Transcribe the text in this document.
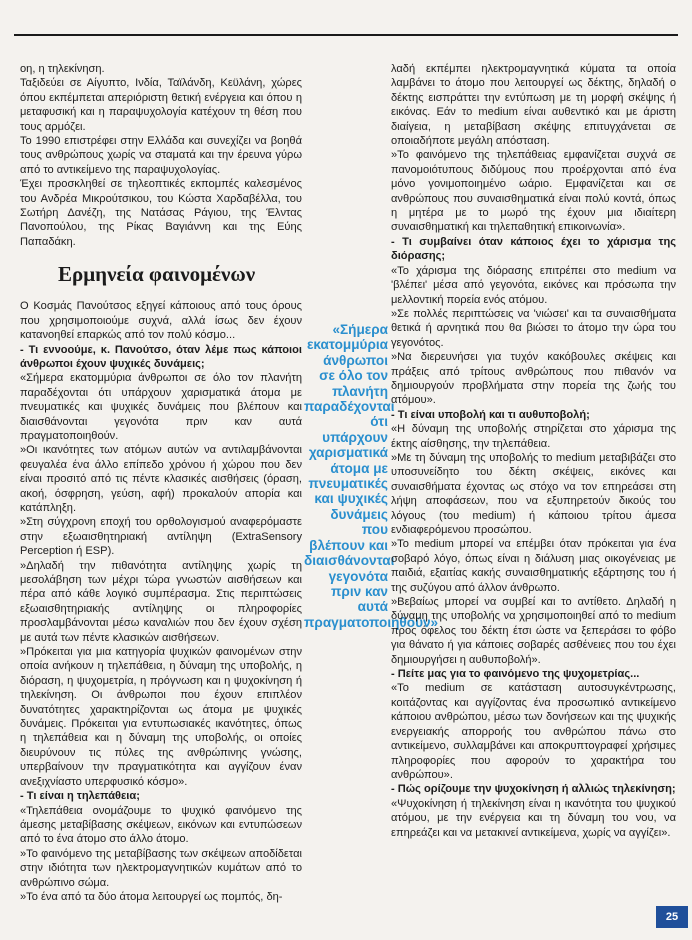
οη, η τηλεκίνηση.

Ταξιδεύει σε Αίγυπτο, Ινδία, Ταϊλάνδη, Κεϋλάνη, χώρες όπου εκπέμπεται απεριόριστη θετική ενέργεια και όπου η μεταφυσική και η παραψυχολογία κατέχουν τη θέση που τους αρμόζει.

Το 1990 επιστρέφει στην Ελλάδα και συνεχίζει να βοηθά τους ανθρώπους χωρίς να σταματά και την έρευνα γύρω από το αντικείμενο της παραψυχολογίας.

Έχει προσκληθεί σε τηλεοπτικές εκπομπές καλεσμένος του Ανδρέα Μικρούτσικου, του Κώστα Χαρδαβέλλα, του Σωτήρη Δανέζη, της Νατάσας Ράγιου, της Έλντας Πανοπούλου, της Ρίκας Βαγιάννη και της Εύης Παπαδάκη.

Ερμηνεία φαινομένων

Ο Κοσμάς Πανούτσος εξηγεί κάποιους από τους όρους που χρησιμοποιούμε συχνά, αλλά ίσως δεν έχουν κατανοηθεί επαρκώς από τον πολύ κόσμο...

- Τι εννοούμε, κ. Πανούτσο, όταν λέμε πως κάποιοι άνθρωποι έχουν ψυχικές δυνάμεις;

«Σήμερα εκατομμύρια άνθρωποι σε όλο τον πλανήτη παραδέχονται ότι υπάρχουν χαρισματικά άτομα με πνευματικές και ψυχικές δυνάμεις που βλέπουν και διαισθάνονται γεγονότα πριν καν αυτά πραγματοποιηθούν.

»Οι ικανότητες των ατόμων αυτών να αντιλαμβάνονται φευγαλέα ένα άλλο επίπεδο χρόνου ή χώρου που δεν είναι προσιτό από τις πέντε κλασικές αισθήσεις (όραση, ακοή, όσφρηση, γεύση, αφή) προκαλούν απορία και κατάπληξη.

»Στη σύγχρονη εποχή του ορθολογισμού αναφερόμαστε στην εξωαισθητηριακή αντίληψη (ExtraSensory Perception ή ESP).

»Δηλαδή την πιθανότητα αντίληψης χωρίς τη μεσολάβηση των μέχρι τώρα γνωστών αισθήσεων και πέρα από κάθε λογικό συμπέρασμα. Στις περιπτώσεις εξωαισθητηριακής αντίληψης οι πληροφορίες προσλαμβάνονται μέσω καναλιών που δεν έχουν σχέση με αυτά των πέντε κλασικών αισθήσεων.

»Πρόκειται για μια κατηγορία ψυχικών φαινομένων στην οποία ανήκουν η τηλεπάθεια, η δύναμη της υποβολής, η διόραση, η ψυχομετρία, η πρόγνωση και η ψυχοκίνηση ή τηλεκίνηση. Οι άνθρωποι που έχουν επιπλέον δυνατότητες χαρακτηρίζονται ως άτομα με ψυχικές δυνάμεις. Πρόκειται για εντυπωσιακές ικανότητες, όπως η τηλεπάθεια και η δύναμη της υποβολής, οι οποίες διευρύνουν τις πύλες της ανθρώπινης γνώσης, υπερβαίνουν την πραγματικότητα και αγγίζουν έναν ανεξιχνίαστο υπερφυσικό κόσμο».

- Τι είναι η τηλεπάθεια;

«Τηλεπάθεια ονομάζουμε το ψυχικό φαινόμενο της άμεσης μεταβίβασης σκέψεων, εικόνων και εντυπώσεων από το ένα άτομο στο άλλο άτομο.

»Το φαινόμενο της μεταβίβασης των σκέψεων αποδίδεται στην ιδιότητα των ηλεκτρομαγνητικών κυμάτων από το ανθρώπινο σώμα.

»Το ένα από τα δύο άτομα λειτουργεί ως πομπός, δη-

«Σήμερα εκατομμύρια άνθρωποι σε όλο τον πλανήτη παραδέχονται ότι υπάρχουν χαρισματικά άτομα με πνευματικές και ψυχικές δυνάμεις που βλέπουν και διαισθάνονται γεγονότα πριν καν αυτά πραγματοποιηθούν»

λαδή εκπέμπει ηλεκτρομαγνητικά κύματα τα οποία λαμβάνει το άτομο που λειτουργεί ως δέκτης, δηλαδή ο δέκτης εισπράττει την εντύπωση με τη μορφή σκέψης ή εικόνας. Εάν το medium είναι αυθεντικό και με άριστη διαίγεια, η μεταβίβαση σκέψης επιτυγχάνεται σε οποιαδήποτε μεγάλη απόσταση.

»Το φαινόμενο της τηλεπάθειας εμφανίζεται συχνά σε πανομοιότυπους διδύμους που προέρχονται από ένα μόνο γονιμοποιημένο ωάριο. Εμφανίζεται και σε ανθρώπους που συναισθηματικά είναι πολύ κοντά, όπως η μητέρα με το μωρό της έχουν μια ιδιαίτερη συναισθηματική και τηλεπαθητική επικοινωνία».

- Τι συμβαίνει όταν κάποιος έχει το χάρισμα της διόρασης;

«Το χάρισμα της διόρασης επιτρέπει στο medium να 'βλέπει' μέσα από γεγονότα, εικόνες και πρόσωπα την μελλοντική πορεία ενός ατόμου.

»Σε πολλές περιπτώσεις να 'νιώσει' και τα συναισθήματα θετικά ή αρνητικά που θα βιώσει το άτομο την ώρα του γεγονότος.

»Να διερευνήσει για τυχόν κακόβουλες σκέψεις και πράξεις από τρίτους ανθρώπους που πιθανόν να δημιουργούν προβλήματα στην πορεία της ζωής του ατόμου».

- Τι είναι υποβολή και τι αυθυποβολή;

«Η δύναμη της υποβολής στηρίζεται στο χάρισμα της έκτης αίσθησης, την τηλεπάθεια.

»Με τη δύναμη της υποβολής το medium μεταβιβάζει στο υποσυνείδητο του δέκτη σκέψεις, εικόνες και συναισθήματα έχοντας ως στόχο να τον επηρεάσει στη λήψη αποφάσεων, που να εξυπηρετούν δικούς του λόγους (του medium) ή κάποιου τρίτου άμεσα ενδιαφερόμενου προσώπου.

»Το medium μπορεί να επέμβει όταν πρόκειται για ένα σοβαρό λόγο, όπως είναι η διάλυση μιας οικογένειας με παιδιά, εξαιτίας κακής συναισθηματικής εξάρτησης του ή της συζύγου από άλλον άνθρωπο.

»Βεβαίως μπορεί να συμβεί και το αντίθετο. Δηλαδή η δύναμη της υποβολής να χρησιμοποιηθεί από το medium προς όφελος του δέκτη έτσι ώστε να ξεπεράσει το φόβο για θάνατο ή για κάποιες σοβαρές ασθένειες που του έχει δημιουργήσει η αυθυποβολή».

- Πείτε μας για το φαινόμενο της ψυχομετρίας...

«Το medium σε κατάσταση αυτοσυγκέντρωσης, κοιτάζοντας και αγγίζοντας ένα προσωπικό αντικείμενο κάποιου ανθρώπου, μέσω των δονήσεων και της ψυχικής ενεργειακής απορροής του ανθρώπου πάνω στο αντικείμενο, συλλαμβάνει και αποκρυπτογραφεί χρήσιμες πληροφορίες που αφορούν το χαρακτήρα του ανθρώπου».

- Πώς ορίζουμε την ψυχοκίνηση ή αλλιώς τηλεκίνηση;

«Ψυχοκίνηση ή τηλεκίνηση είναι η ικανότητα του ψυχικού ατόμου, με την ενέργεια και τη δύναμη του νου, να επηρεάζει και να μετακινεί αντικείμενα, χωρίς να αγγίζει».

25
